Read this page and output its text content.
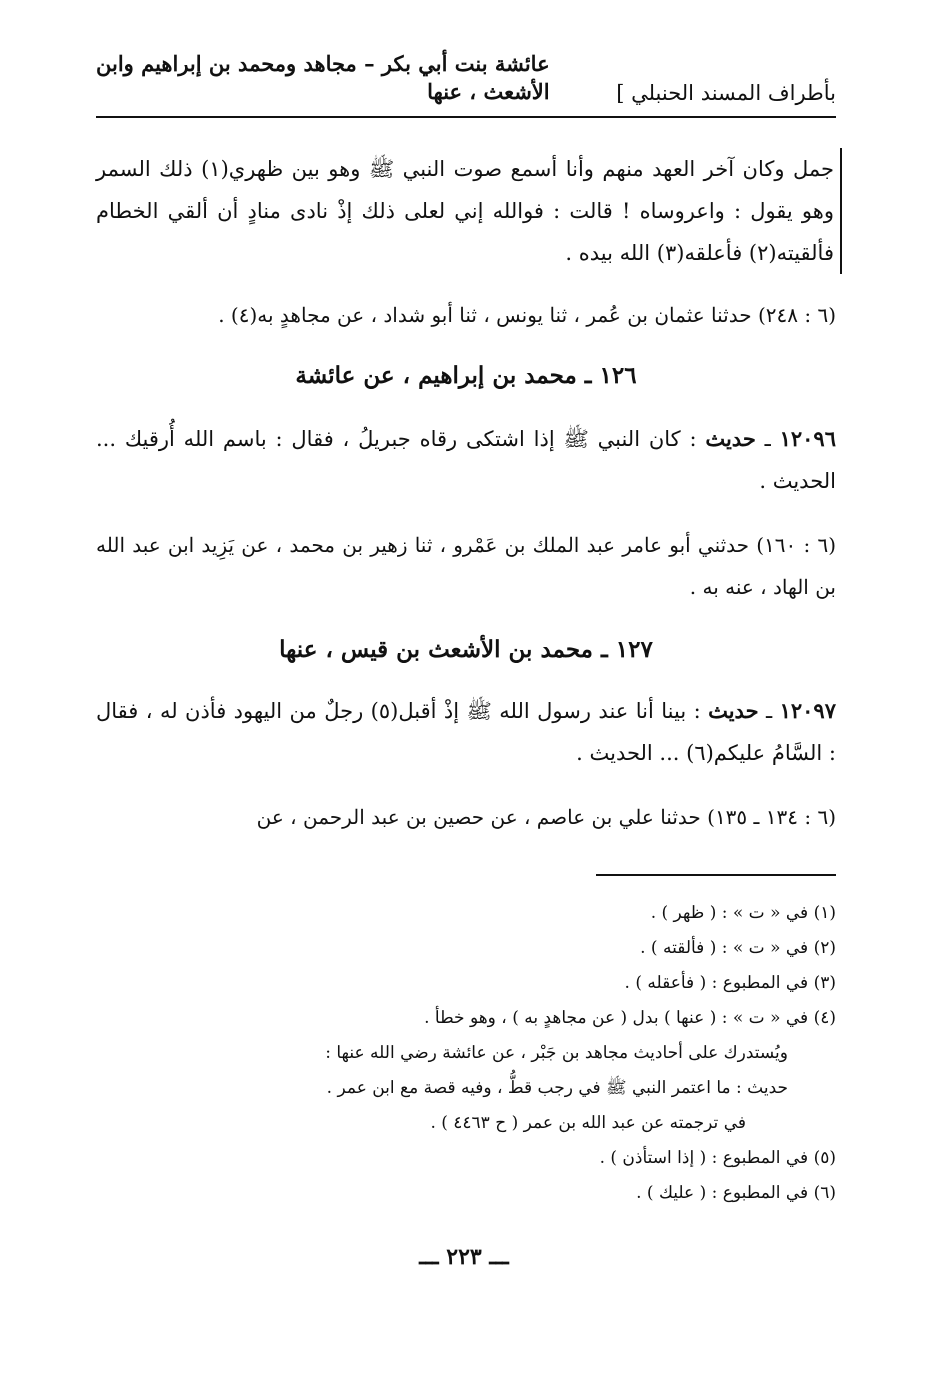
بأطراف المسند الحنبلي ]
عائشة بنت أبي بكر – مجاهد ومحمد بن إبراهيم وابن
الأشعث ، عنها
جمل وكان آخر العهد منهم وأنا أسمع صوت النبي ﷺ وهو بين ظهري(١) ذلك السمر وهو يقول : واعروساه ! قالت : فوالله إني لعلى ذلك إذْ نادى منادٍ أن ألقي الخطام فألقيته(٢) فأعلقه(٣) الله بيده .
(٦ : ٢٤٨) حدثنا عثمان بن عُمر ، ثنا يونس ، ثنا أبو شداد ، عن مجاهدٍ به(٤) .
١٢٦ ـ محمد بن إبراهيم ، عن عائشة
١٢٠٩٦ ـ حديث : كان النبي ﷺ إذا اشتكى رقاه جبريلُ ، فقال : باسم الله أُرقيك ... الحديث .
(٦ : ١٦٠) حدثني أبو عامر عبد الملك بن عَمْرو ، ثنا زهير بن محمد ، عن يَزِيد ابن عبد الله بن الهاد ، عنه به .
١٢٧ ـ محمد بن الأشعث بن قيس ، عنها
١٢٠٩٧ ـ حديث : بينا أنا عند رسول الله ﷺ إذْ أقبل(٥) رجلٌ من اليهود فأذن له ، فقال : السَّامُ عليكم(٦) ... الحديث .
(٦ : ١٣٤ ـ ١٣٥) حدثنا علي بن عاصم ، عن حصين بن عبد الرحمن ، عن
(١) في « ت » : ( ظهر ) .
(٢) في « ت » : ( فألقته ) .
(٣) في المطبوع : ( فأعقله ) .
(٤) في « ت » : ( عنها ) بدل ( عن مجاهدٍ به ) ، وهو خطأ .
ويُستدرك على أحاديث مجاهد بن جَبْر ، عن عائشة رضي الله عنها :
حديث : ما اعتمر النبي ﷺ في رجب قطُّ ، وفيه قصة مع ابن عمر .
في ترجمته عن عبد الله بن عمر ( ح ٤٤٦٣ ) .
(٥) في المطبوع : ( إذا استأذن ) .
(٦) في المطبوع : ( عليك ) .
ـــ ٢٢٣ ـــ
